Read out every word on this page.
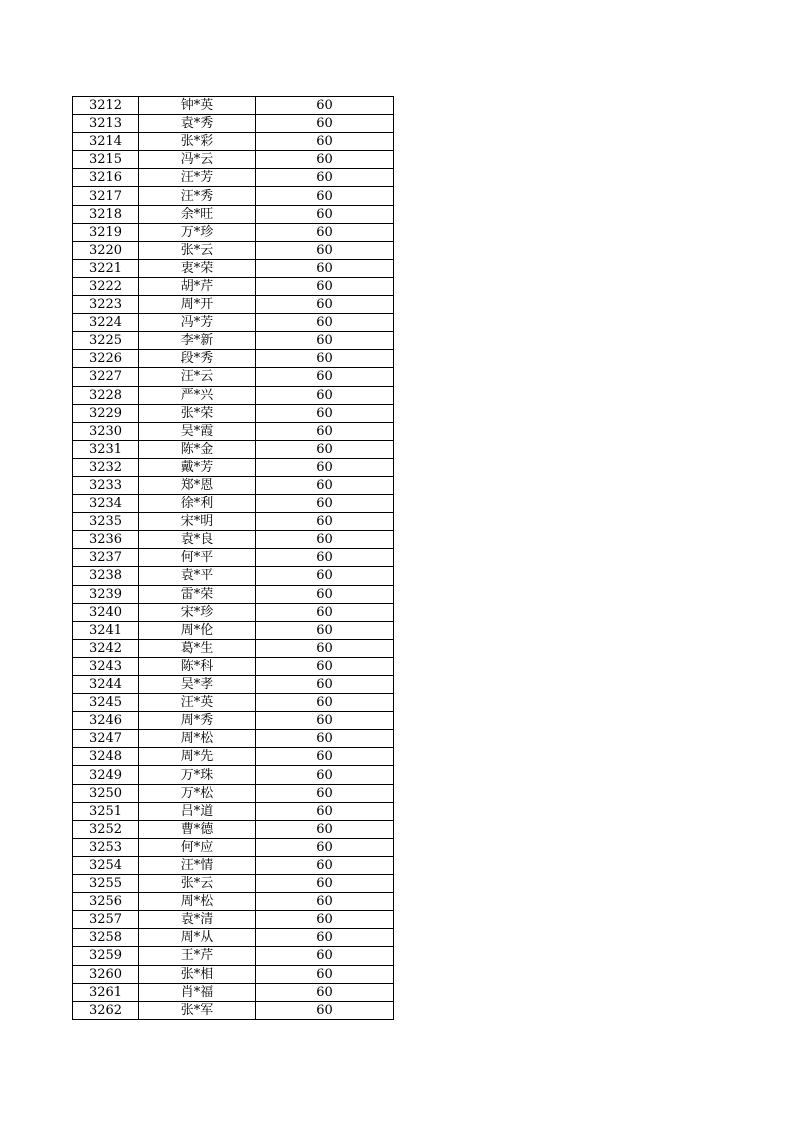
3212	钟*英	60
3213	袁*秀	60
3214	张*彩	60
3215	冯*云	60
3216	汪*芳	60
3217	汪*秀	60
3218	余*旺	60
3219	万*珍	60
3220	张*云	60
3221	衷*荣	60
3222	胡*芹	60
3223	周*开	60
3224	冯*芳	60
3225	李*新	60
3226	段*秀	60
3227	汪*云	60
3228	严*兴	60
3229	张*荣	60
3230	吴*霞	60
3231	陈*金	60
3232	戴*芳	60
3233	郑*恩	60
3234	徐*利	60
3235	宋*明	60
3236	袁*良	60
3237	何*平	60
3238	袁*平	60
3239	雷*荣	60
3240	宋*珍	60
3241	周*伦	60
3242	葛*生	60
3243	陈*科	60
3244	吴*孝	60
3245	汪*英	60
3246	周*秀	60
3247	周*松	60
3248	周*先	60
3249	万*珠	60
3250	万*松	60
3251	吕*道	60
3252	曹*德	60
3253	何*应	60
3254	汪*情	60
3255	张*云	60
3256	周*松	60
3257	袁*清	60
3258	周*从	60
3259	王*芹	60
3260	张*相	60
3261	肖*福	60
3262	张*军	60
